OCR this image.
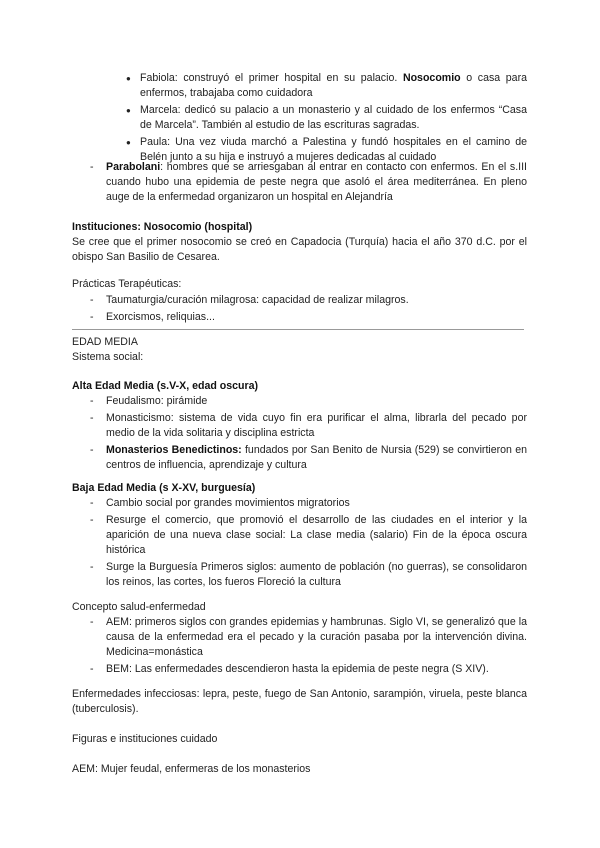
● Fabiola: construyó el primer hospital en su palacio. Nosocomio o casa para enfermos, trabajaba como cuidadora
● Marcela: dedicó su palacio a un monasterio y al cuidado de los enfermos “Casa de Marcela”. También al estudio de las escrituras sagradas.
● Paula: Una vez viuda marchó a Palestina y fundó hospitales en el camino de Belén junto a su hija e instruyó a mujeres dedicadas al cuidado
- Parabolani: hombres que se arriesgaban al entrar en contacto con enfermos. En el s.III cuando hubo una epidemia de peste negra que asoló el área mediterránea. En pleno auge de la enfermedad organizaron un hospital en Alejandría

Instituciones: Nosocomio (hospital)

Se cree que el primer nosocomio se creó en Capadocia (Turquía) hacia el año 370 d.C. por el obispo San Basilio de Cesarea.

Prácticas Terapéuticas:

- Taumaturgia/curación milagrosa: capacidad de realizar milagros.
- Exorcismos, reliquias...

EDAD MEDIA

Sistema social:

Alta Edad Media (s.V-X, edad oscura)

- Feudalismo: pirámide
- Monasticismo: sistema de vida cuyo fin era purificar el alma, librarla del pecado por medio de la vida solitaria y disciplina estricta
- Monasterios Benedictinos: fundados por San Benito de Nursia (529) se convirtieron en centros de influencia, aprendizaje y cultura

Baja Edad Media (s X-XV, burguesía)

- Cambio social por grandes movimientos migratorios
- Resurge el comercio, que promovió el desarrollo de las ciudades en el interior y la aparición de una nueva clase social: La clase media (salario) Fin de la época oscura histórica
- Surge la Burguesía Primeros siglos: aumento de población (no guerras), se consolidaron los reinos, las cortes, los fueros Floreció la cultura

Concepto salud-enfermedad

- AEM: primeros siglos con grandes epidemias y hambrunas. Siglo VI, se generalizó que la causa de la enfermedad era el pecado y la curación pasaba por la intervención divina. Medicina=monástica
- BEM: Las enfermedades descendieron hasta la epidemia de peste negra (S XIV).

Enfermedades infecciosas: lepra, peste, fuego de San Antonio, sarampión, viruela, peste blanca (tuberculosis).

Figuras e instituciones cuidado

AEM: Mujer feudal, enfermeras de los monasterios
